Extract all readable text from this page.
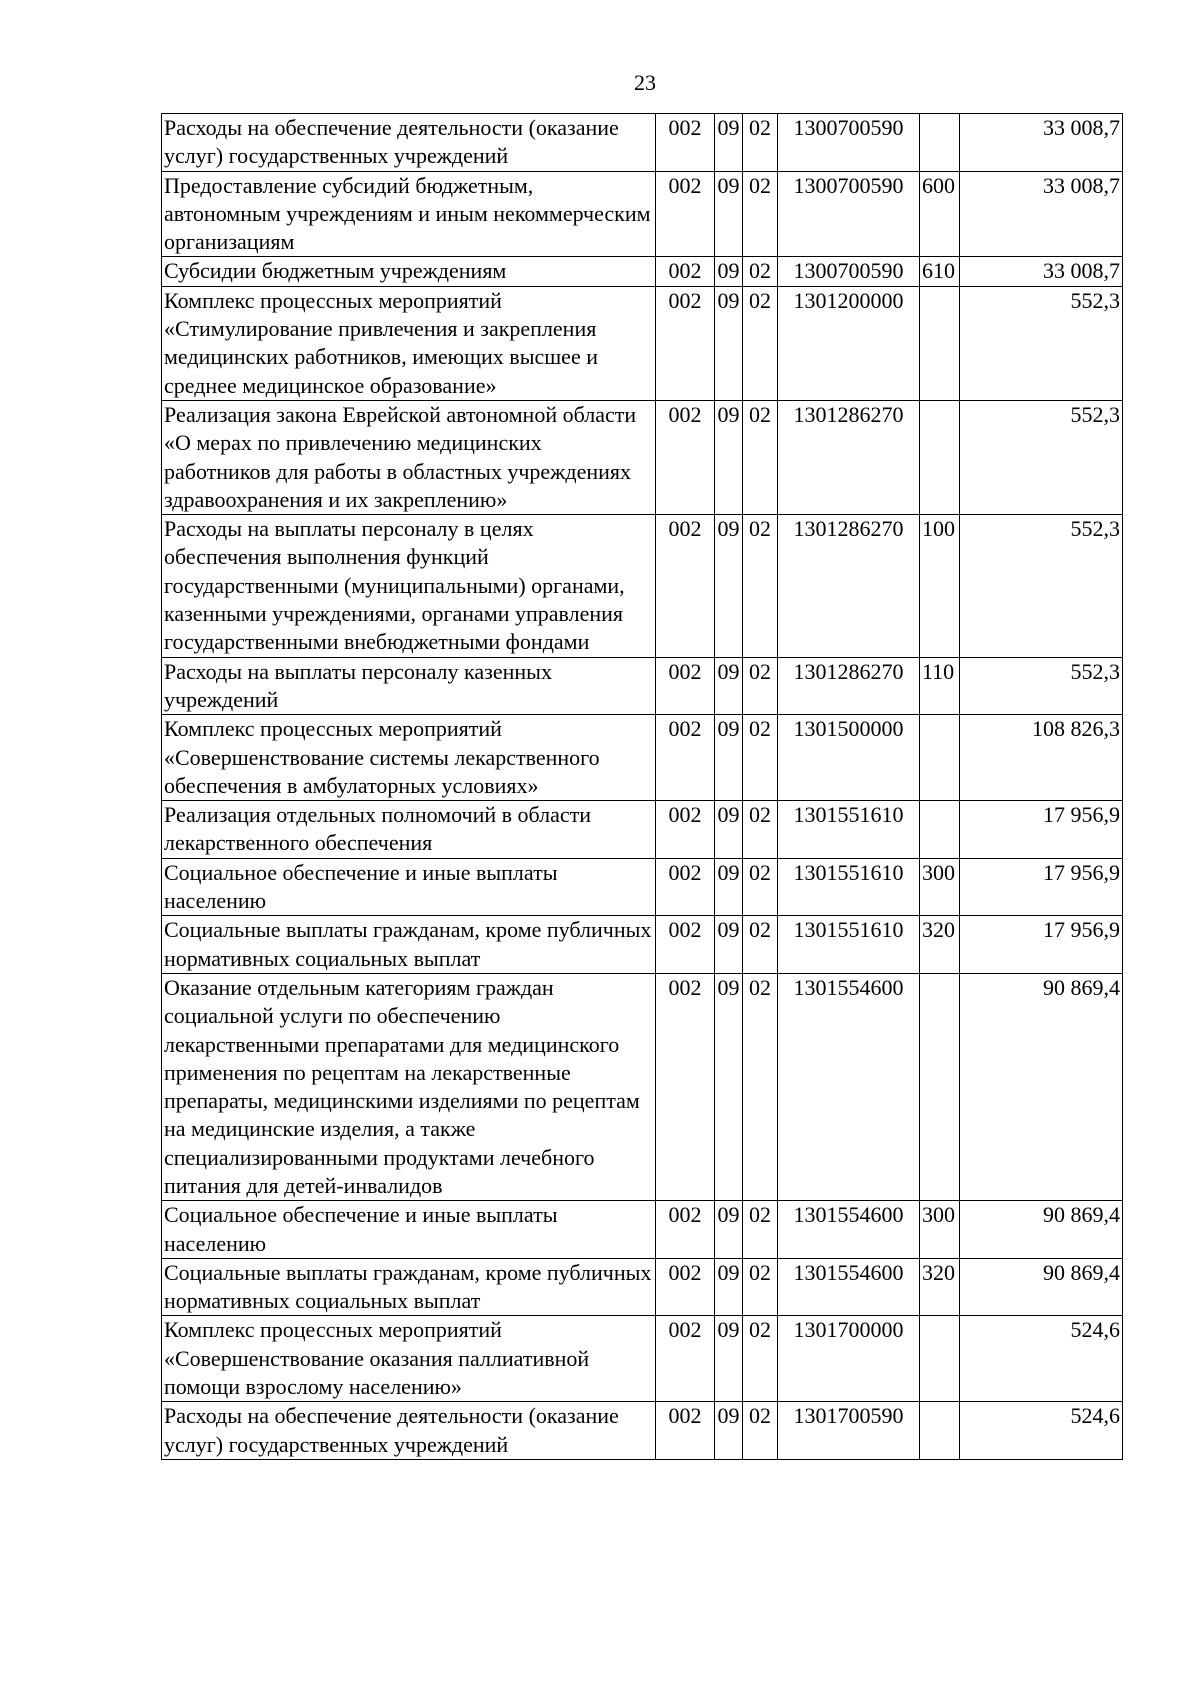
23
Расходы на обеспечение деятельности (оказание услуг) государственных учреждений	002	09	02	1300700590		33 008,7
Предоставление субсидий бюджетным, автономным учреждениям и иным некоммерческим организациям	002	09	02	1300700590	600	33 008,7
Субсидии бюджетным учреждениям	002	09	02	1300700590	610	33 008,7
Комплекс процессных мероприятий «Стимулирование привлечения и закрепления медицинских работников, имеющих высшее и среднее медицинское образование»	002	09	02	1301200000		552,3
Реализация закона Еврейской автономной области «О мерах по привлечению медицинских работников для работы в областных учреждениях здравоохранения и их закреплению»	002	09	02	1301286270		552,3
Расходы на выплаты персоналу в целях обеспечения выполнения функций государственными (муниципальными) органами, казенными учреждениями, органами управления государственными внебюджетными фондами	002	09	02	1301286270	100	552,3
Расходы на выплаты персоналу казенных учреждений	002	09	02	1301286270	110	552,3
Комплекс процессных мероприятий «Совершенствование системы лекарственного обеспечения в амбулаторных условиях»	002	09	02	1301500000		108 826,3
Реализация отдельных полномочий в области лекарственного обеспечения	002	09	02	1301551610		17 956,9
Социальное обеспечение и иные выплаты населению	002	09	02	1301551610	300	17 956,9
Социальные выплаты гражданам, кроме публичных нормативных социальных выплат	002	09	02	1301551610	320	17 956,9
Оказание отдельным категориям граждан социальной услуги по обеспечению лекарственными препаратами для медицинского применения по рецептам на лекарственные препараты, медицинскими изделиями по рецептам на медицинские изделия, а также специализированными продуктами лечебного питания для детей-инвалидов	002	09	02	1301554600		90 869,4
Социальное обеспечение и иные выплаты населению	002	09	02	1301554600	300	90 869,4
Социальные выплаты гражданам, кроме публичных нормативных социальных выплат	002	09	02	1301554600	320	90 869,4
Комплекс процессных мероприятий «Совершенствование оказания паллиативной помощи взрослому населению»	002	09	02	1301700000		524,6
Расходы на обеспечение деятельности (оказание услуг) государственных учреждений	002	09	02	1301700590		524,6
